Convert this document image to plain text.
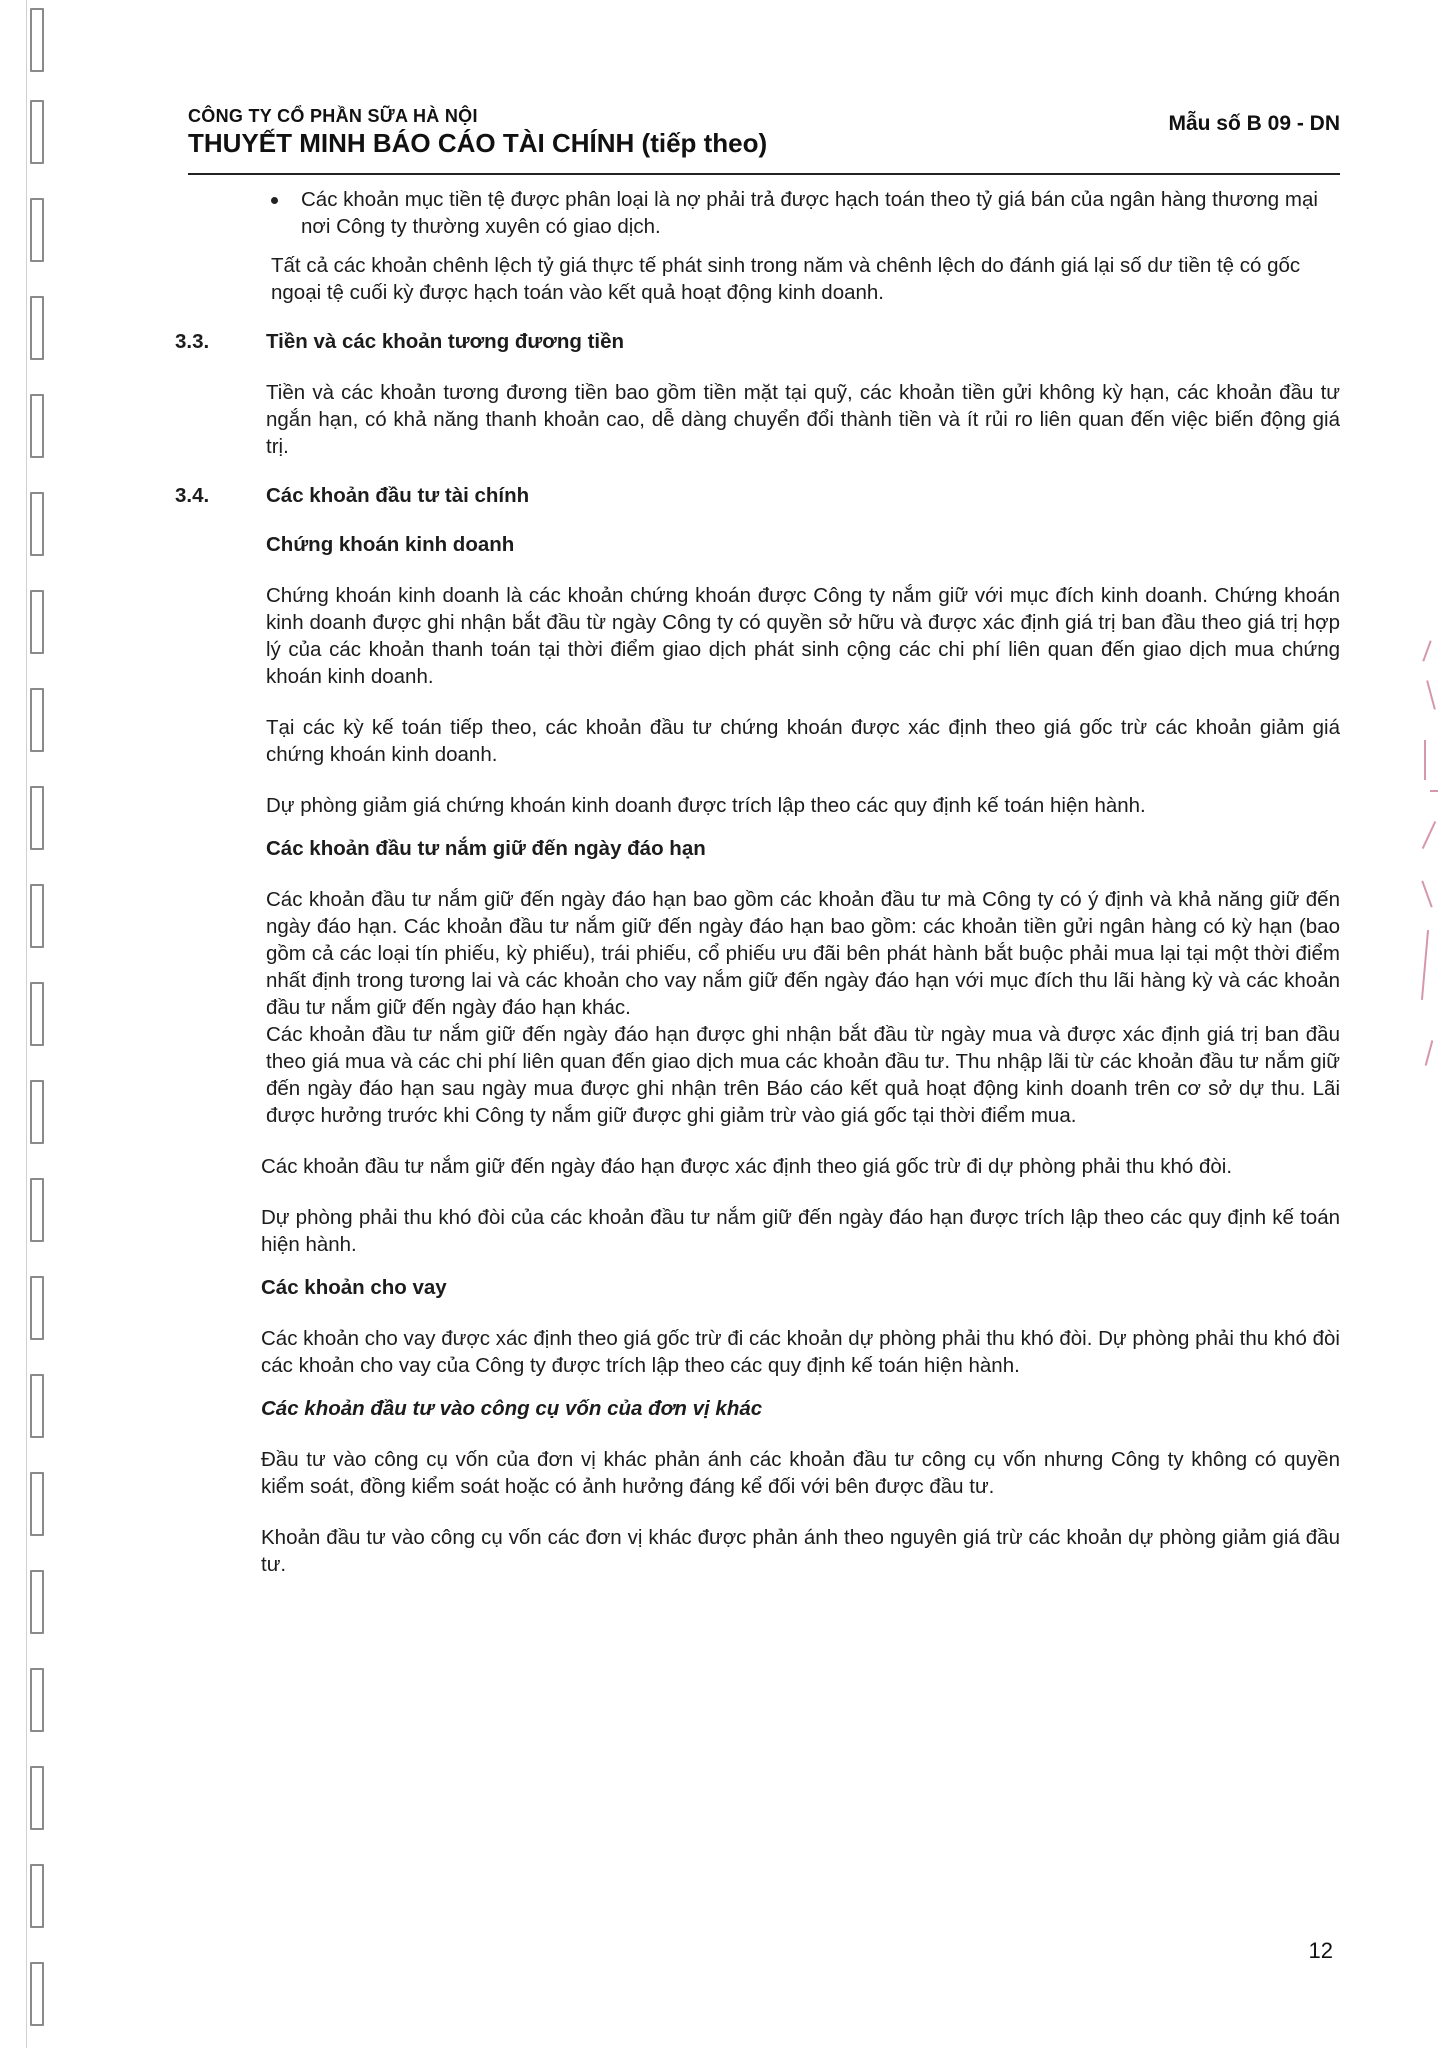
CÔNG TY CỔ PHẦN SỮA HÀ NỘI
THUYẾT MINH BÁO CÁO TÀI CHÍNH (tiếp theo)
Mẫu số B 09 - DN

Các khoản mục tiền tệ được phân loại là nợ phải trả được hạch toán theo tỷ giá bán của ngân hàng thương mại nơi Công ty thường xuyên có giao dịch.

Tất cả các khoản chênh lệch tỷ giá thực tế phát sinh trong năm và chênh lệch do đánh giá lại số dư tiền tệ có gốc ngoại tệ cuối kỳ được hạch toán vào kết quả hoạt động kinh doanh.

3.3.	Tiền và các khoản tương đương tiền

Tiền và các khoản tương đương tiền bao gồm tiền mặt tại quỹ, các khoản tiền gửi không kỳ hạn, các khoản đầu tư ngắn hạn, có khả năng thanh khoản cao, dễ dàng chuyển đổi thành tiền và ít rủi ro liên quan đến việc biến động giá trị.

3.4.	Các khoản đầu tư tài chính

Chứng khoán kinh doanh

Chứng khoán kinh doanh là các khoản chứng khoán được Công ty nắm giữ với mục đích kinh doanh. Chứng khoán kinh doanh được ghi nhận bắt đầu từ ngày Công ty có quyền sở hữu và được xác định giá trị ban đầu theo giá trị hợp lý của các khoản thanh toán tại thời điểm giao dịch phát sinh cộng các chi phí liên quan đến giao dịch mua chứng khoán kinh doanh.

Tại các kỳ kế toán tiếp theo, các khoản đầu tư chứng khoán được xác định theo giá gốc trừ các khoản giảm giá chứng khoán kinh doanh.

Dự phòng giảm giá chứng khoán kinh doanh được trích lập theo các quy định kế toán hiện hành.

Các khoản đầu tư nắm giữ đến ngày đáo hạn

Các khoản đầu tư nắm giữ đến ngày đáo hạn bao gồm các khoản đầu tư mà Công ty có ý định và khả năng giữ đến ngày đáo hạn. Các khoản đầu tư nắm giữ đến ngày đáo hạn bao gồm: các khoản tiền gửi ngân hàng có kỳ hạn (bao gồm cả các loại tín phiếu, kỳ phiếu), trái phiếu, cổ phiếu ưu đãi bên phát hành bắt buộc phải mua lại tại một thời điểm nhất định trong tương lai và các khoản cho vay nắm giữ đến ngày đáo hạn với mục đích thu lãi hàng kỳ và các khoản đầu tư nắm giữ đến ngày đáo hạn khác.

Các khoản đầu tư nắm giữ đến ngày đáo hạn được ghi nhận bắt đầu từ ngày mua và được xác định giá trị ban đầu theo giá mua và các chi phí liên quan đến giao dịch mua các khoản đầu tư. Thu nhập lãi từ các khoản đầu tư nắm giữ đến ngày đáo hạn sau ngày mua được ghi nhận trên Báo cáo kết quả hoạt động kinh doanh trên cơ sở dự thu. Lãi được hưởng trước khi Công ty nắm giữ được ghi giảm trừ vào giá gốc tại thời điểm mua.

Các khoản đầu tư nắm giữ đến ngày đáo hạn được xác định theo giá gốc trừ đi dự phòng phải thu khó đòi.

Dự phòng phải thu khó đòi của các khoản đầu tư nắm giữ đến ngày đáo hạn được trích lập theo các quy định kế toán hiện hành.

Các khoản cho vay

Các khoản cho vay được xác định theo giá gốc trừ đi các khoản dự phòng phải thu khó đòi. Dự phòng phải thu khó đòi các khoản cho vay của Công ty được trích lập theo các quy định kế toán hiện hành.

Các khoản đầu tư vào công cụ vốn của đơn vị khác

Đầu tư vào công cụ vốn của đơn vị khác phản ánh các khoản đầu tư công cụ vốn nhưng Công ty không có quyền kiểm soát, đồng kiểm soát hoặc có ảnh hưởng đáng kể đối với bên được đầu tư.

Khoản đầu tư vào công cụ vốn các đơn vị khác được phản ánh theo nguyên giá trừ các khoản dự phòng giảm giá đầu tư.

12
